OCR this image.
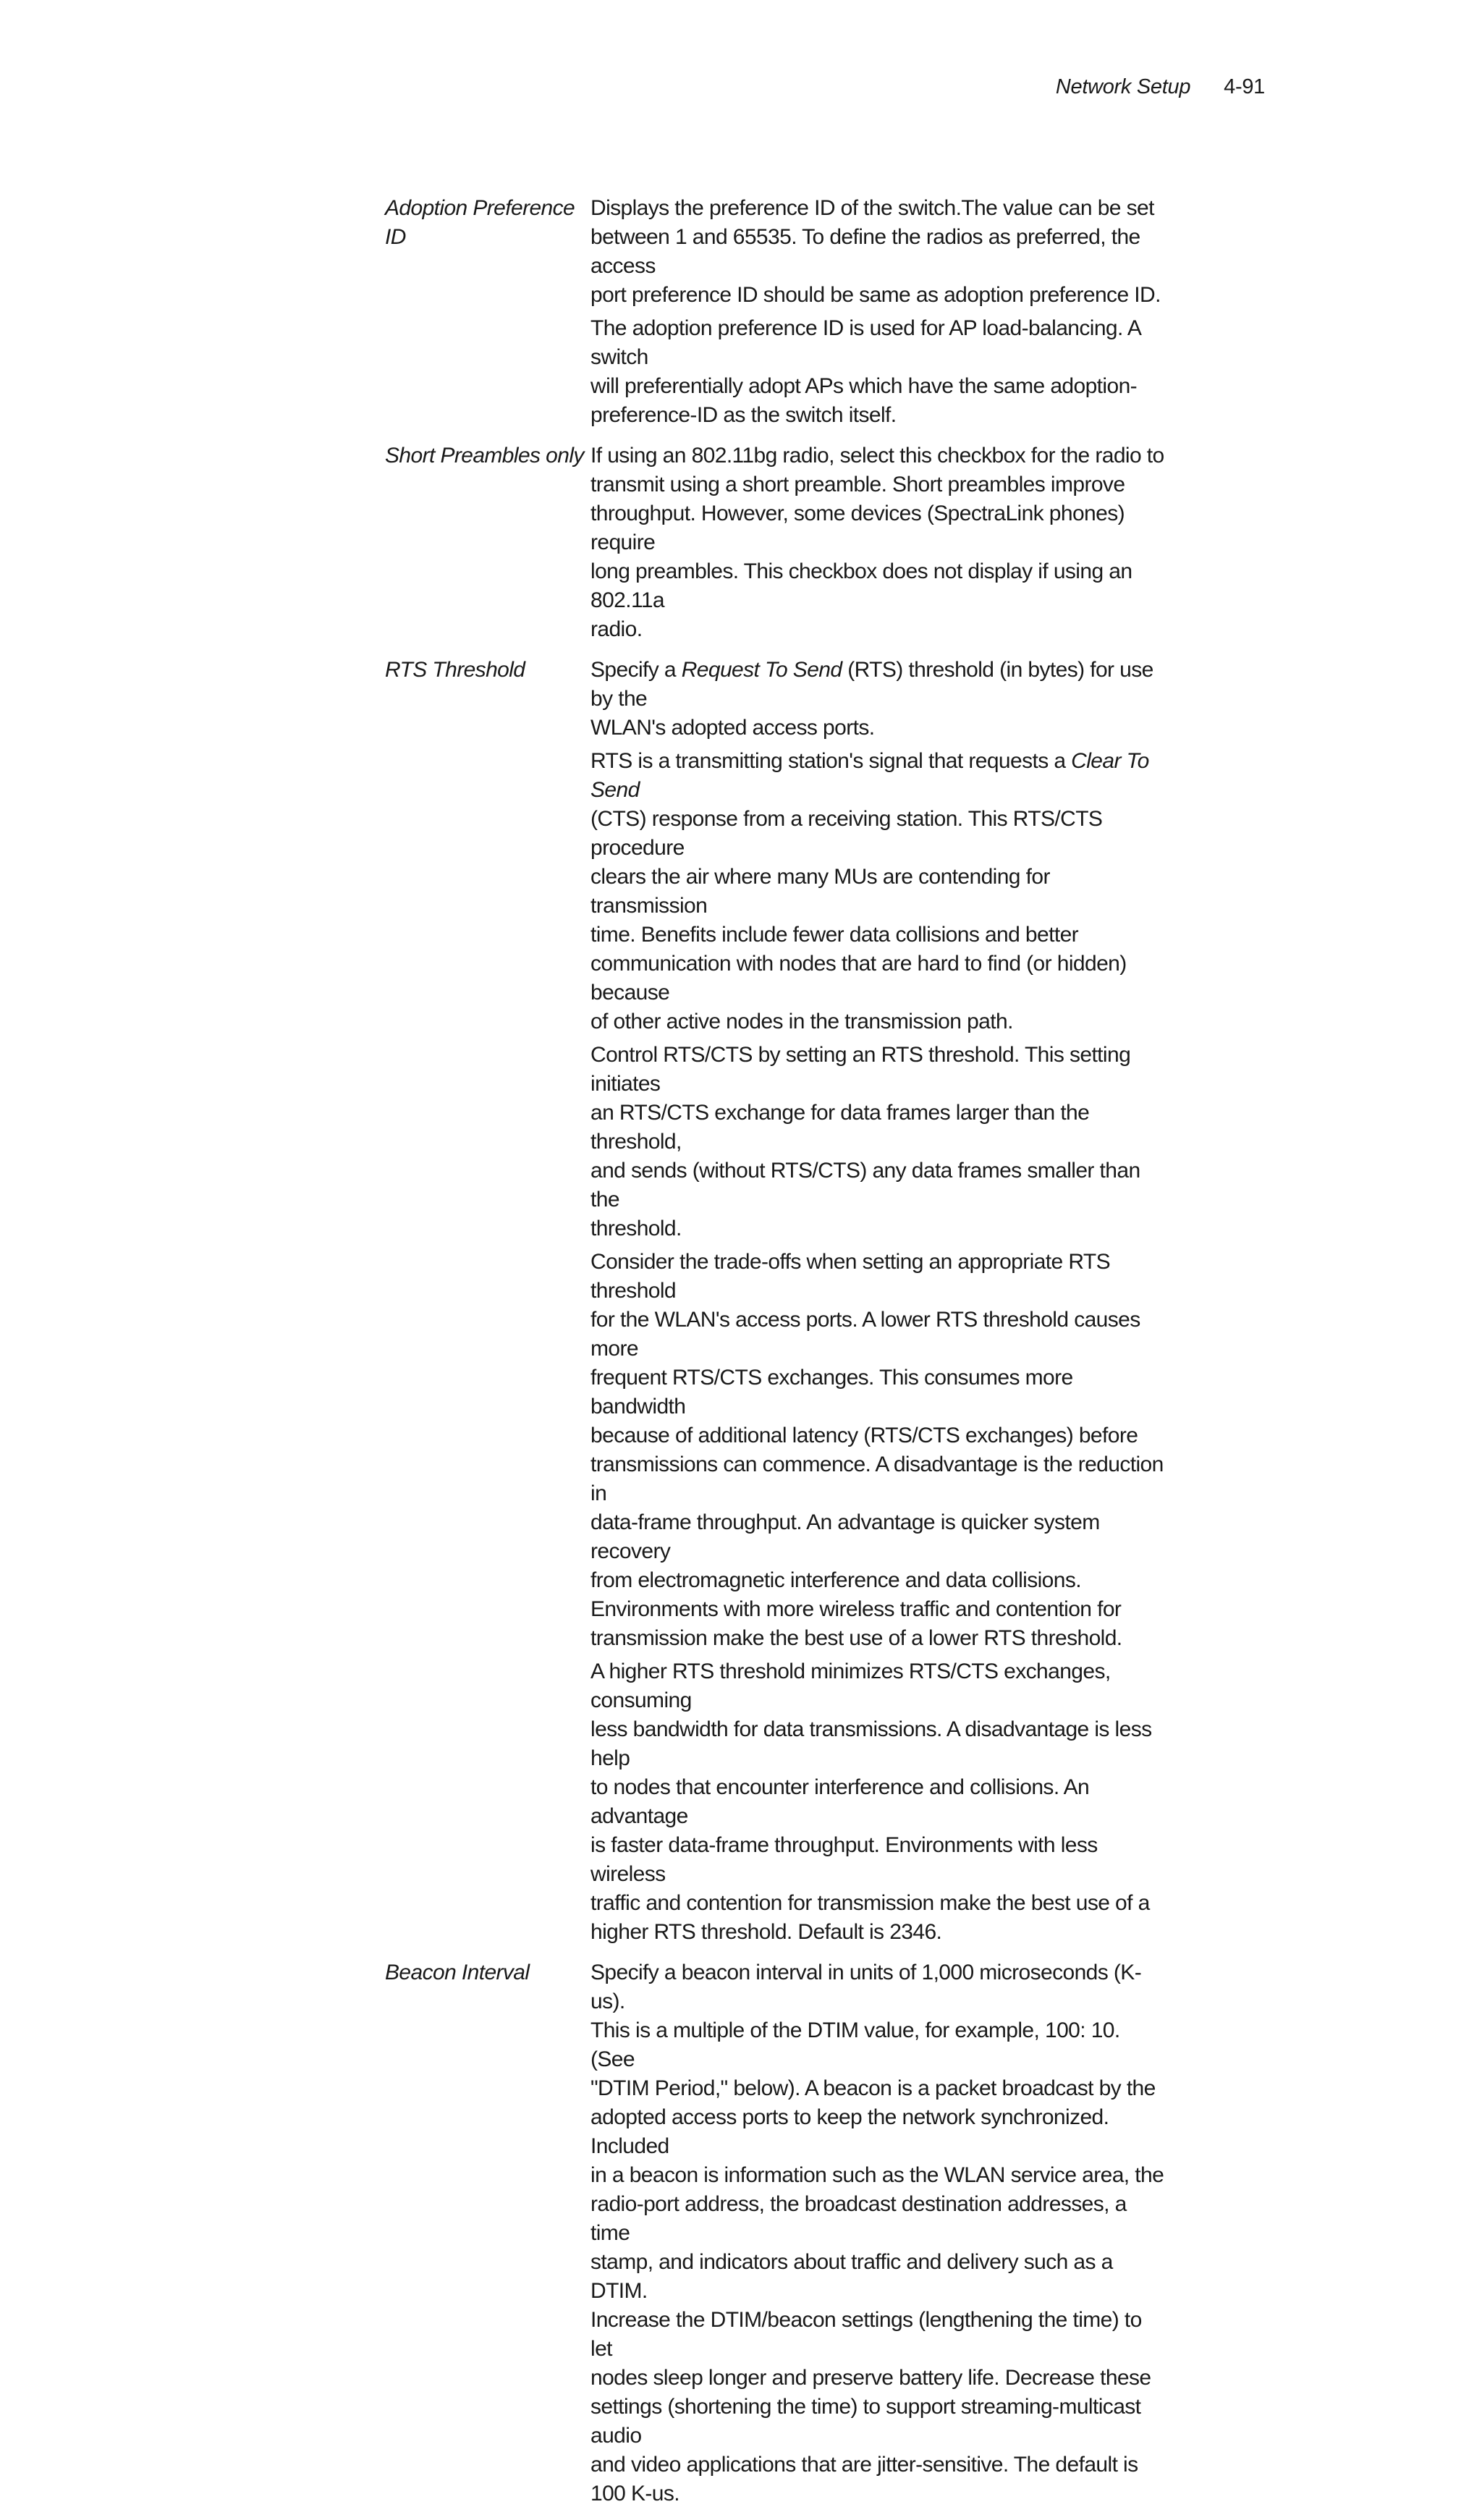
Network Setup 4-91
Adoption Preference
ID

Displays the preference ID of the switch.The value can be set
between 1 and 65535. To define the radios as preferred, the access
port preference ID should be same as adoption preference ID.

The adoption preference ID is used for AP load-balancing. A switch
will preferentially adopt APs which have the same adoption-
preference-ID as the switch itself.

Short Preambles only If using an 802.11bg radio, select this checkbox for the radio to
transmit using a short preamble. Short preambles improve
throughput. However, some devices (SpectraLink phones) require
long preambles. This checkbox does not display if using an 802.11a
radio.

RTS Threshold	Specify a Request To Send (RTS) threshold (in bytes) for use by the
WLAN's adopted access ports.

RTS is a transmitting station's signal that requests a Clear To Send
(CTS) response from a receiving station. This RTS/CTS procedure
clears the air where many MUs are contending for transmission
time. Benefits include fewer data collisions and better
communication with nodes that are hard to find (or hidden) because
of other active nodes in the transmission path.

Control RTS/CTS by setting an RTS threshold. This setting initiates
an RTS/CTS exchange for data frames larger than the threshold,
and sends (without RTS/CTS) any data frames smaller than the
threshold.

Consider the trade-offs when setting an appropriate RTS threshold
for the WLAN's access ports. A lower RTS threshold causes more
frequent RTS/CTS exchanges. This consumes more bandwidth
because of additional latency (RTS/CTS exchanges) before
transmissions can commence. A disadvantage is the reduction in
data-frame throughput. An advantage is quicker system recovery
from electromagnetic interference and data collisions.
Environments with more wireless traffic and contention for
transmission make the best use of a lower RTS threshold.

A higher RTS threshold minimizes RTS/CTS exchanges, consuming
less bandwidth for data transmissions. A disadvantage is less help
to nodes that encounter interference and collisions. An advantage
is faster data-frame throughput. Environments with less wireless
traffic and contention for transmission make the best use of a
higher RTS threshold. Default is 2346.

Beacon Interval	Specify a beacon interval in units of 1,000 microseconds (K-us).
This is a multiple of the DTIM value, for example, 100: 10. (See
"DTIM Period," below). A beacon is a packet broadcast by the
adopted access ports to keep the network synchronized. Included
in a beacon is information such as the WLAN service area, the
radio-port address, the broadcast destination addresses, a time
stamp, and indicators about traffic and delivery such as a DTIM.
Increase the DTIM/beacon settings (lengthening the time) to let
nodes sleep longer and preserve battery life. Decrease these
settings (shortening the time) to support streaming-multicast audio
and video applications that are jitter-sensitive. The default is
100 K-us.
